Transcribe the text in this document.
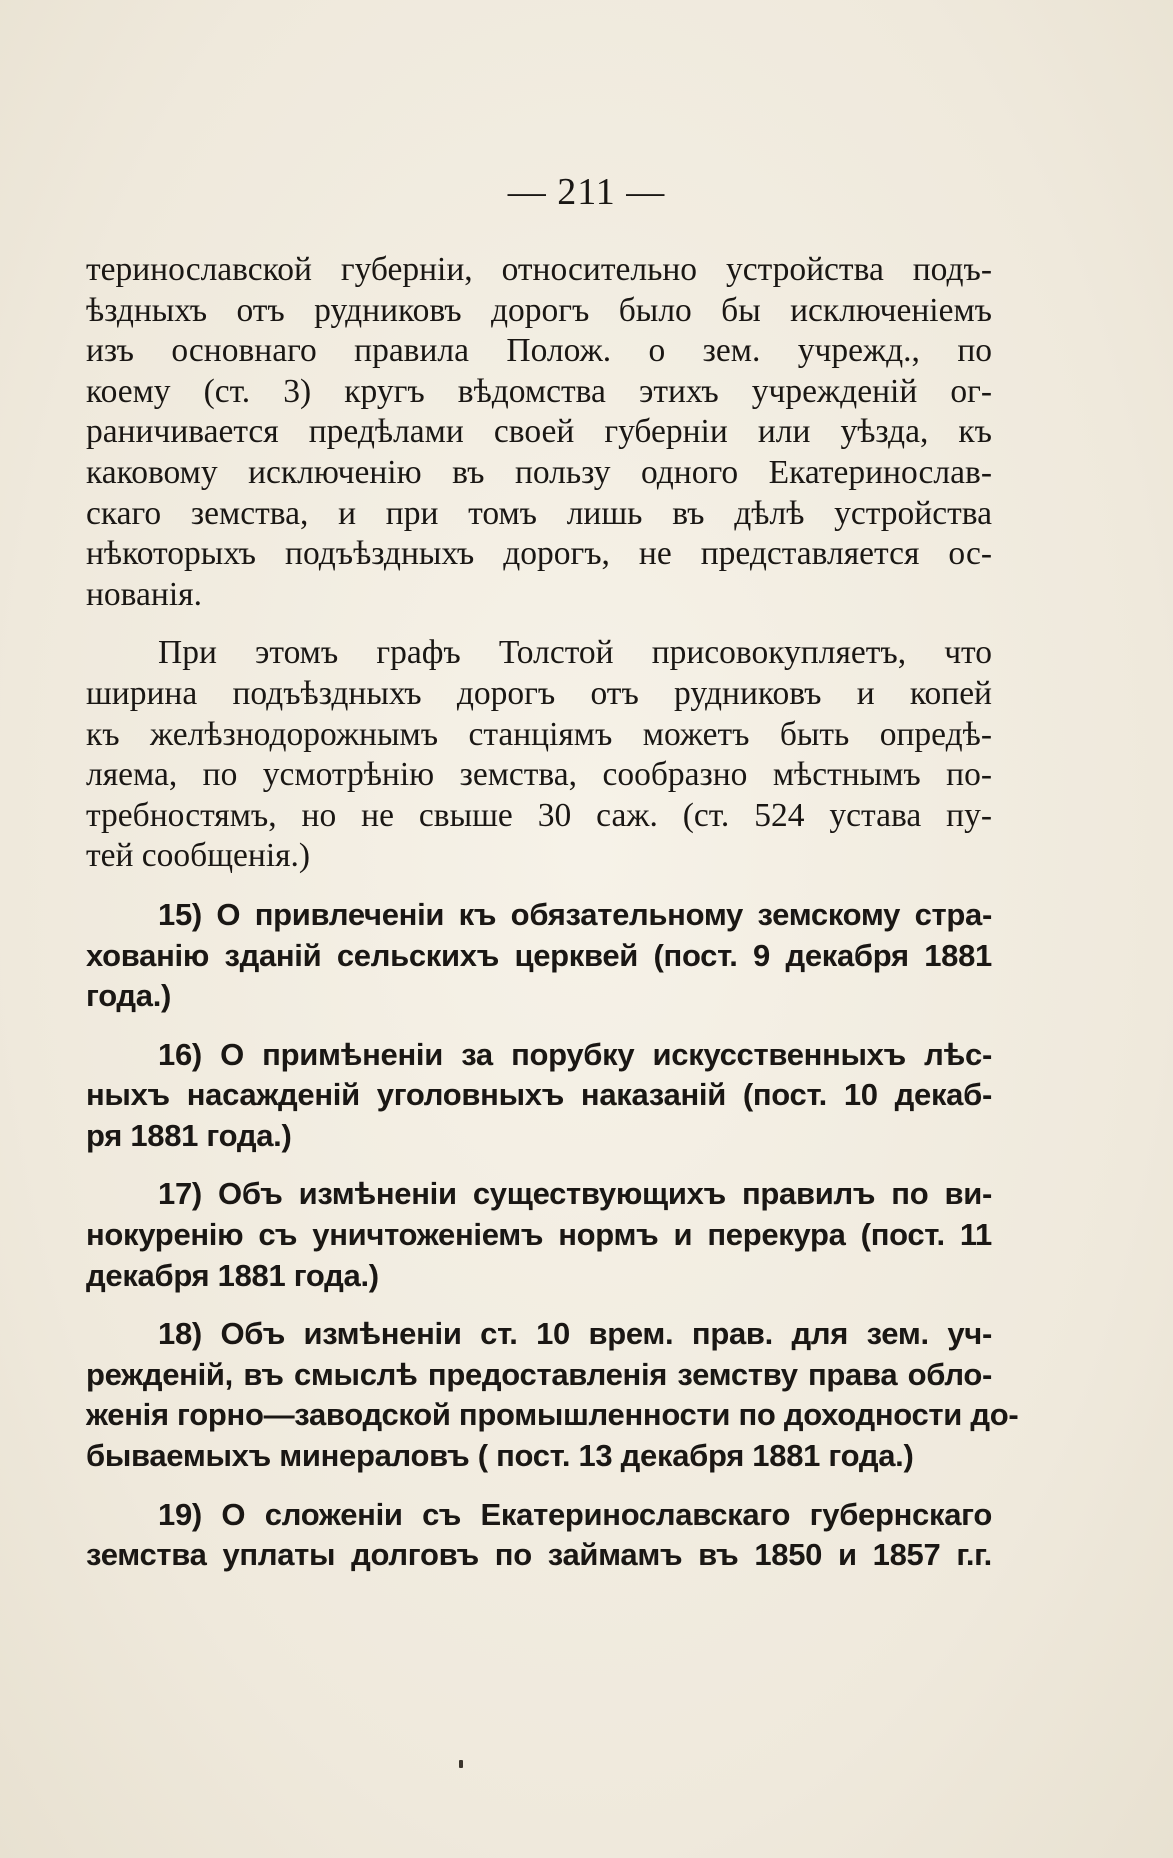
— 211 —
теринославской губерніи, относительно устройства подъ-
ѣздныхъ отъ рудниковъ дорогъ было бы исключеніемъ
изъ основнаго правила Полож. о зем. учрежд., по
коему (ст. 3) кругъ вѣдомства этихъ учрежденій ог-
раничивается предѣлами своей губерніи или уѣзда, къ
каковому исключенію въ пользу одного Екатеринослав-
скаго земства, и при томъ лишь въ дѣлѣ устройства
нѣкоторыхъ подъѣздныхъ дорогъ, не представляется ос-
нованія.
При этомъ графъ Толстой присовокупляетъ, что
ширина подъѣздныхъ дорогъ отъ рудниковъ и копей
къ желѣзнодорожнымъ станціямъ можетъ быть опредѣ-
ляема, по усмотрѣнію земства, сообразно мѣстнымъ по-
требностямъ, но не свыше 30 саж. (ст. 524 устава пу-
тей сообщенія.)
15) О привлеченіи къ обязательному земскому стра-
хованію зданій сельскихъ церквей (пост. 9 декабря 1881
года.)
16) О примѣненіи за порубку искусственныхъ лѣс-
ныхъ насажденій уголовныхъ наказаній (пост. 10 декаб-
ря 1881 года.)
17) Объ измѣненіи существующихъ правилъ по ви-
нокуренію съ уничтоженіемъ нормъ и перекура (пост. 11
декабря 1881 года.)
18) Объ измѣненіи ст. 10 врем. прав. для зем. уч-
режденій, въ смыслѣ предоставленія земству права обло-
женія горно—заводской промышленности по доходности до-
бываемыхъ минераловъ ( пост. 13 декабря 1881 года.)
19) О сложеніи съ Екатеринославскаго губернскаго
земства уплаты долговъ по займамъ въ 1850 и 1857 г.г.
